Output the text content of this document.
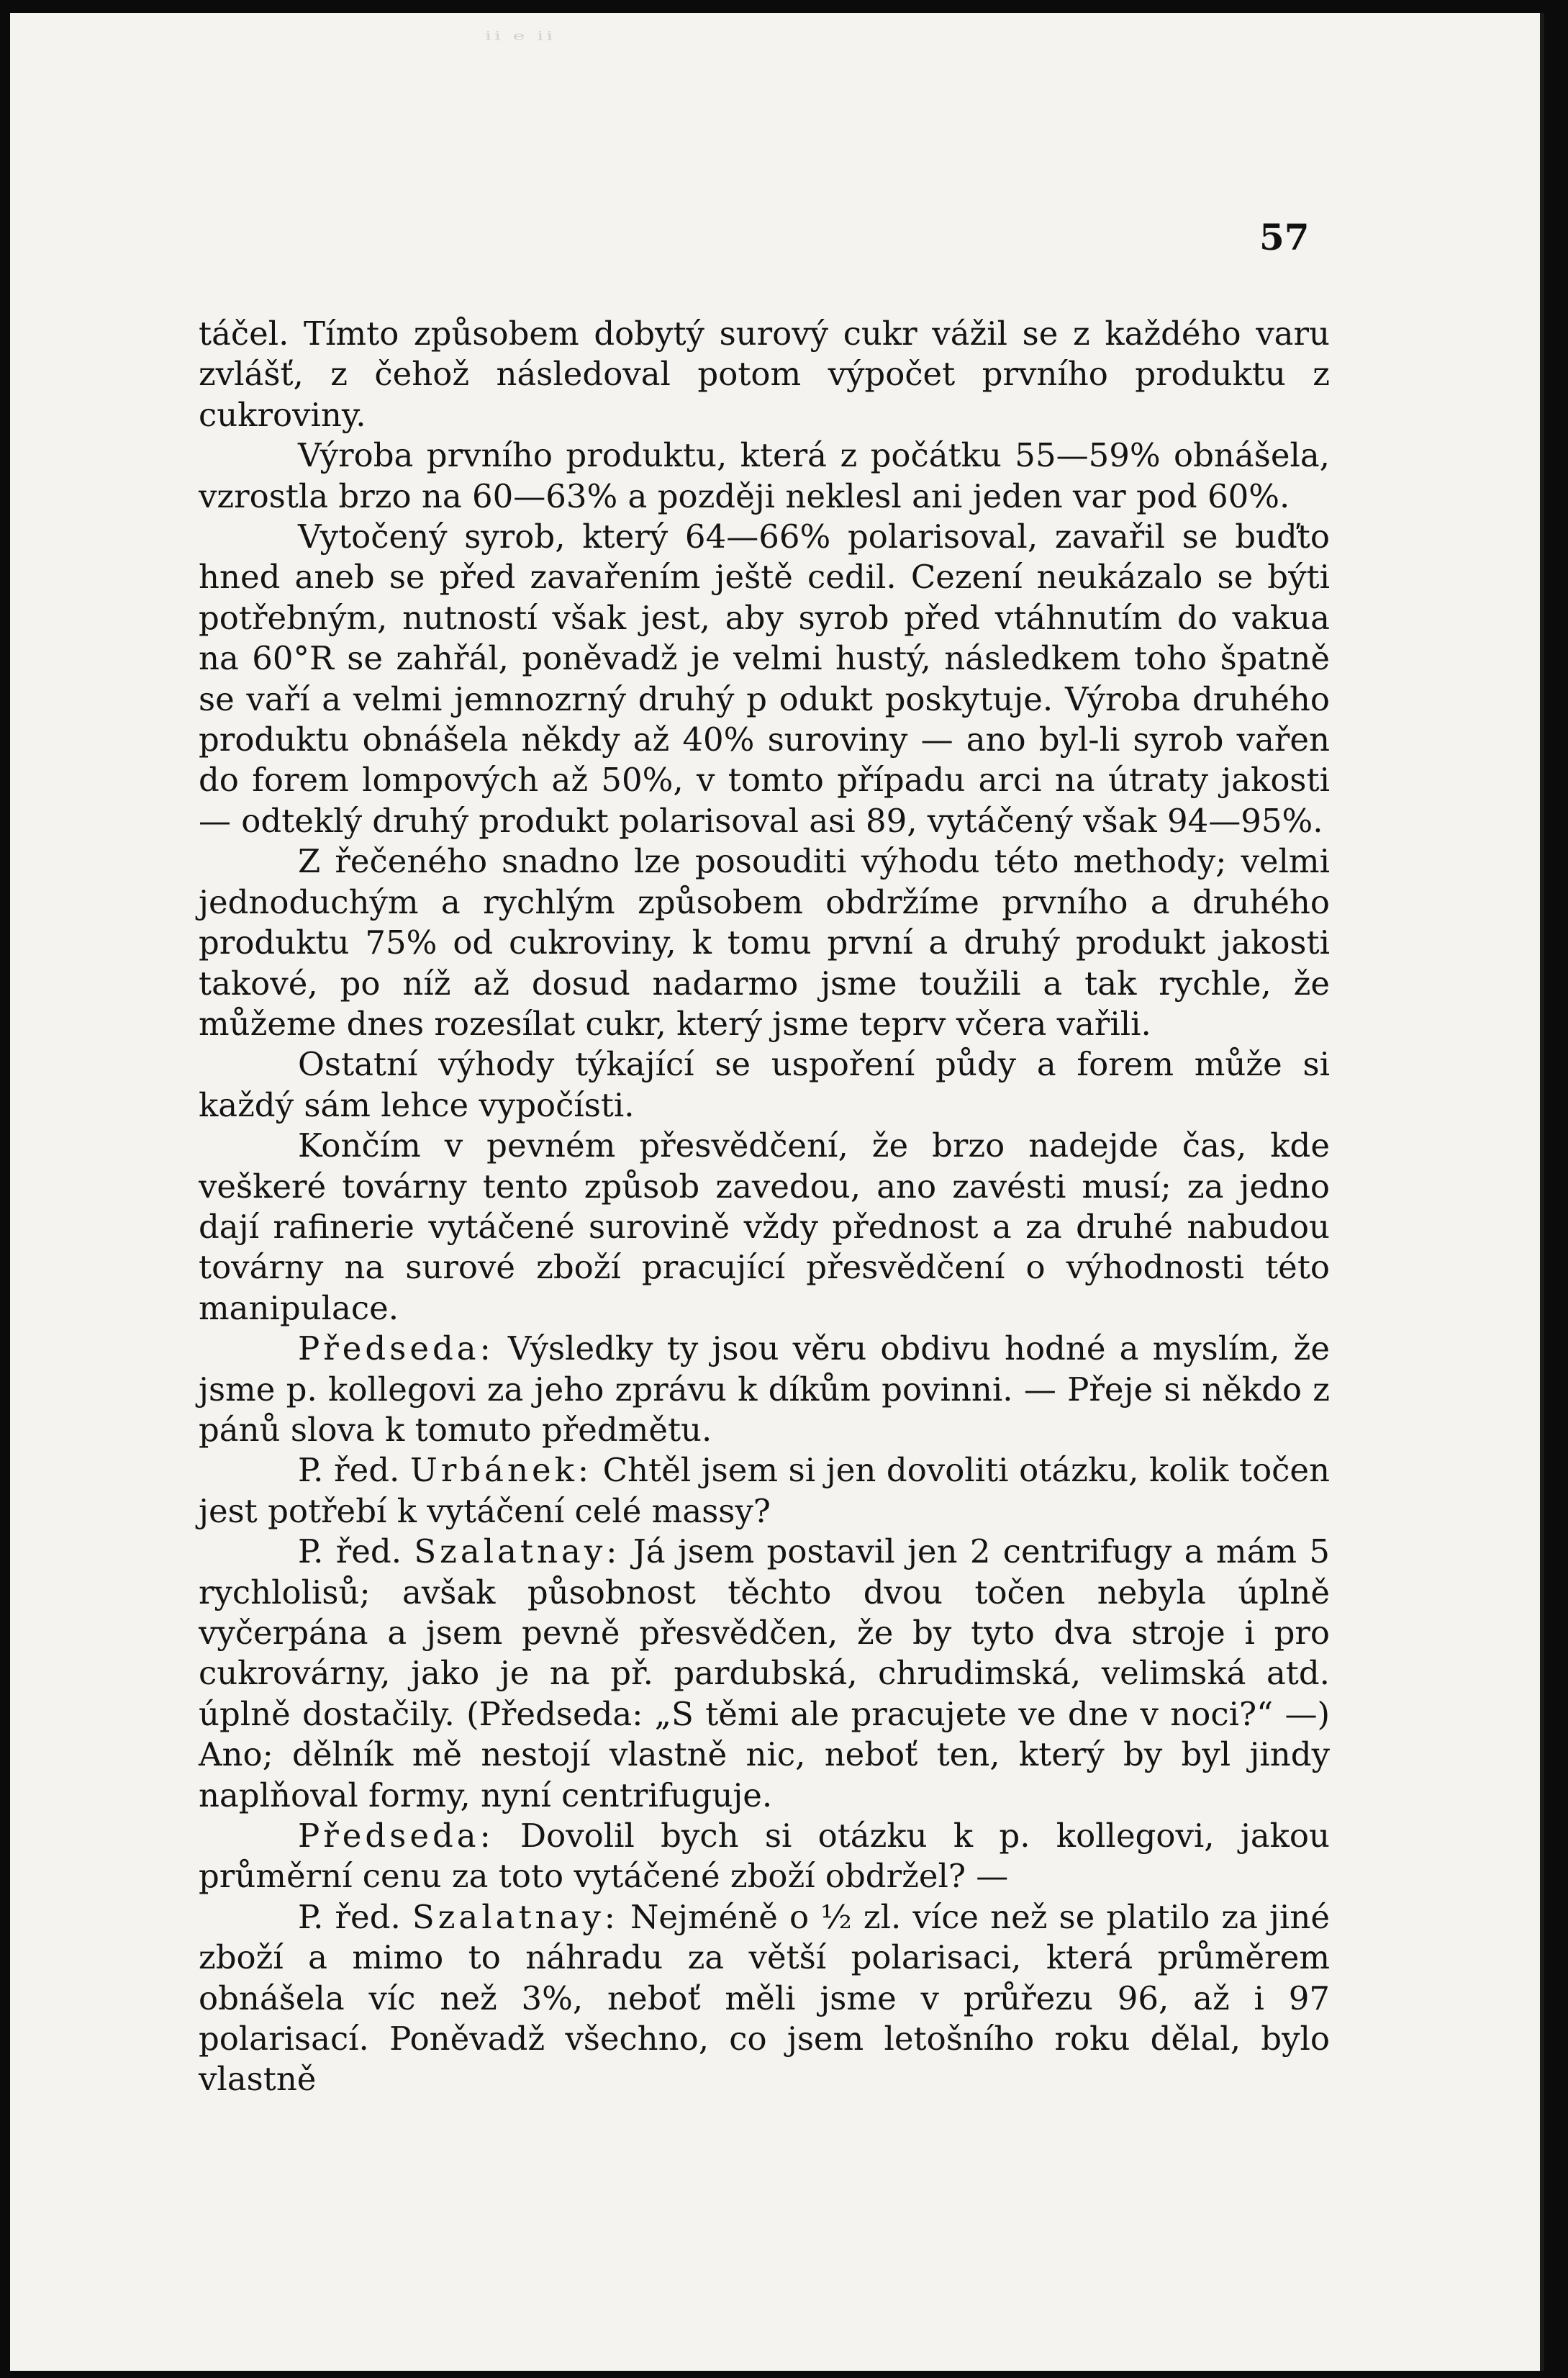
ii e ii
57

táčel. Tímto způsobem dobytý surový cukr vážil se z každého varu zvlášť, z čehož následoval potom výpočet prvního produktu z cukroviny.

Výroba prvního produktu, která z počátku 55—59% obnášela, vzrostla brzo na 60—63% a později neklesl ani jeden var pod 60%.

Vytočený syrob, který 64—66% polarisoval, zavařil se buďto hned aneb se před zavařením ještě cedil. Cezení neukázalo se býti potřebným, nutností však jest, aby syrob před vtáhnutím do vakua na 60°R se zahřál, poněvadž je velmi hustý, následkem toho špatně se vaří a velmi jemnozrný druhý p odukt poskytuje. Výroba druhého produktu obnášela někdy až 40% suroviny — ano byl-li syrob vařen do forem lompových až 50%, v tomto případu arci na útraty jakosti — odteklý druhý produkt polarisoval asi 89, vytáčený však 94—95%.

Z řečeného snadno lze posouditi výhodu této methody; velmi jednoduchým a rychlým způsobem obdržíme prvního a druhého produktu 75% od cukroviny, k tomu první a druhý produkt jakosti takové, po níž až dosud nadarmo jsme toužili a tak rychle, že můžeme dnes rozesílat cukr, který jsme teprv včera vařili.

Ostatní výhody týkající se uspoření půdy a forem může si každý sám lehce vypočísti.

Končím v pevném přesvědčení, že brzo nadejde čas, kde veškeré továrny tento způsob zavedou, ano zavésti musí; za jedno dají rafinerie vytáčené surovině vždy přednost a za druhé nabudou továrny na surové zboží pracující přesvědčení o výhodnosti této manipulace.

Předseda: Výsledky ty jsou věru obdivu hodné a myslím, že jsme p. kollegovi za jeho zprávu k díkům povinni. — Přeje si někdo z pánů slova k tomuto předmětu.

P. řed. Urbánek: Chtěl jsem si jen dovoliti otázku, kolik točen jest potřebí k vytáčení celé massy?

P. řed. Szalatnay: Já jsem postavil jen 2 centrifugy a mám 5 rychlolisů; avšak působnost těchto dvou točen nebyla úplně vyčerpána a jsem pevně přesvědčen, že by tyto dva stroje i pro cukrovárny, jako je na př. pardubská, chrudimská, velimská atd. úplně dostačily. (Předseda: „S těmi ale pracujete ve dne v noci?“ —) Ano; dělník mě nestojí vlastně nic, neboť ten, který by byl jindy naplňoval formy, nyní centrifuguje.

Předseda: Dovolil bych si otázku k p. kollegovi, jakou průměrní cenu za toto vytáčené zboží obdržel? —

P. řed. Szalatnay: Nejméně o ½ zl. více než se platilo za jiné zboží a mimo to náhradu za větší polarisaci, která průměrem obnášela víc než 3%, neboť měli jsme v průřezu 96, až i 97 polarisací. Poněvadž všechno, co jsem letošního roku dělal, bylo vlastně
